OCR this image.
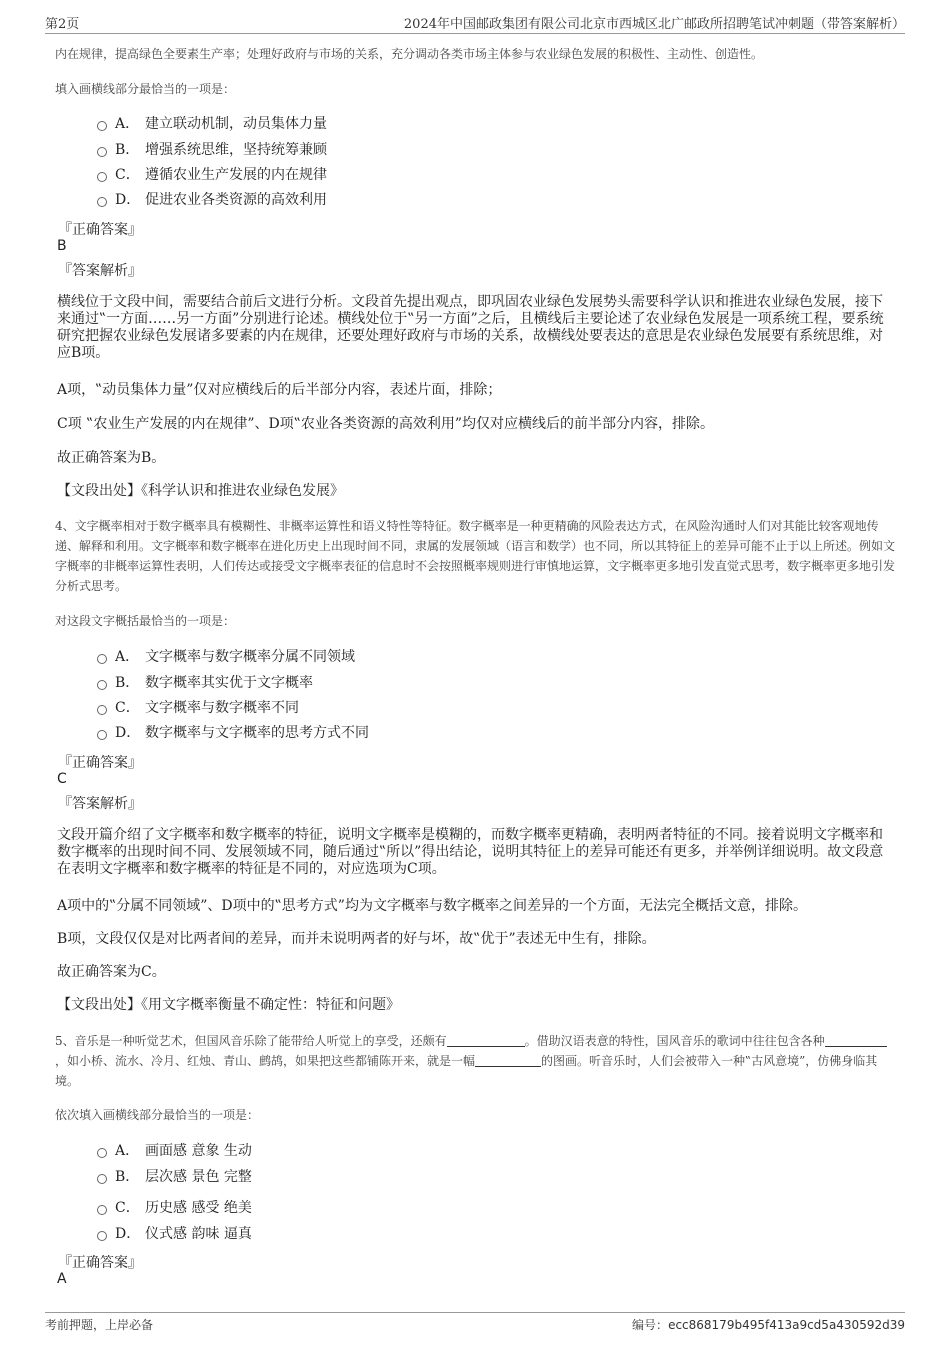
第2页	2024年中国邮政集团有限公司北京市西城区北广邮政所招聘笔试冲刺题（带答案解析）
内在规律，提高绿色全要素生产率；处理好政府与市场的关系，充分调动各类市场主体参与农业绿色发展的积极性、主动性、创造性。
填入画横线部分最恰当的一项是：
A． 建立联动机制，动员集体力量
B． 增强系统思维，坚持统筹兼顾
C． 遵循农业生产发展的内在规律
D． 促进农业各类资源的高效利用
『正确答案』
B
『答案解析』
横线位于文段中间，需要结合前后文进行分析。文段首先提出观点，即巩固农业绿色发展势头需要科学认识和推进农业绿色发展，接下来通过‟一方面……另一方面”分别进行论述。横线处位于‟另一方面”之后，且横线后主要论述了农业绿色发展是一项系统工程，要系统研究把握农业绿色发展诸多要素的内在规律，还要处理好政府与市场的关系，故横线处要表达的意思是农业绿色发展要有系统思维，对应B项。
A项，‟动员集体力量”仅对应横线后的后半部分内容，表述片面，排除；
C项 ‟农业生产发展的内在规律”、D项‟农业各类资源的高效利用”均仅对应横线后的前半部分内容，排除。
故正确答案为B。
【文段出处】《科学认识和推进农业绿色发展》
4、文字概率相对于数字概率具有模糊性、非概率运算性和语义特性等特征。数字概率是一种更精确的风险表达方式，在风险沟通时人们对其能比较客观地传递、解释和利用。文字概率和数字概率在进化历史上出现时间不同，隶属的发展领域（语言和数学）也不同，所以其特征上的差异可能不止于以上所述。例如文字概率的非概率运算性表明，人们传达或接受文字概率表征的信息时不会按照概率规则进行审慎地运算，文字概率更多地引发直觉式思考，数字概率更多地引发分析式思考。
对这段文字概括最恰当的一项是：
A． 文字概率与数字概率分属不同领域
B． 数字概率其实优于文字概率
C． 文字概率与数字概率不同
D． 数字概率与文字概率的思考方式不同
『正确答案』
C
『答案解析』
文段开篇介绍了文字概率和数字概率的特征，说明文字概率是模糊的，而数字概率更精确，表明两者特征的不同。接着说明文字概率和数字概率的出现时间不同、发展领域不同，随后通过‟所以”得出结论，说明其特征上的差异可能还有更多，并举例详细说明。故文段意在表明文字概率和数字概率的特征是不同的，对应选项为C项。
A项中的‟分属不同领域”、D项中的‟思考方式”均为文字概率与数字概率之间差异的一个方面，无法完全概括文意，排除。
B项，文段仅仅是对比两者间的差异，而并未说明两者的好与坏，故‟优于”表述无中生有，排除。
故正确答案为C。
【文段出处】《用文字概率衡量不确定性：特征和问题》
5、音乐是一种听觉艺术，但国风音乐除了能带给人听觉上的享受，还颇有	。借助汉语表意的特性，国风音乐的歌词中往往包含各种，如小桥、流水、冷月、红烛、青山、鹧鸪，如果把这些都铺陈开来，就是一幅	的图画。听音乐时，人们会被带入一种‟古风意境”，仿佛身临其境。
依次填入画横线部分最恰当的一项是：
A． 画面感 意象 生动
B． 层次感 景色 完整
C． 历史感 感受 绝美
D． 仪式感 韵味 逼真
『正确答案』
A
考前押题，上岸必备	编号：ecc868179b495f413a9cd5a430592d39
